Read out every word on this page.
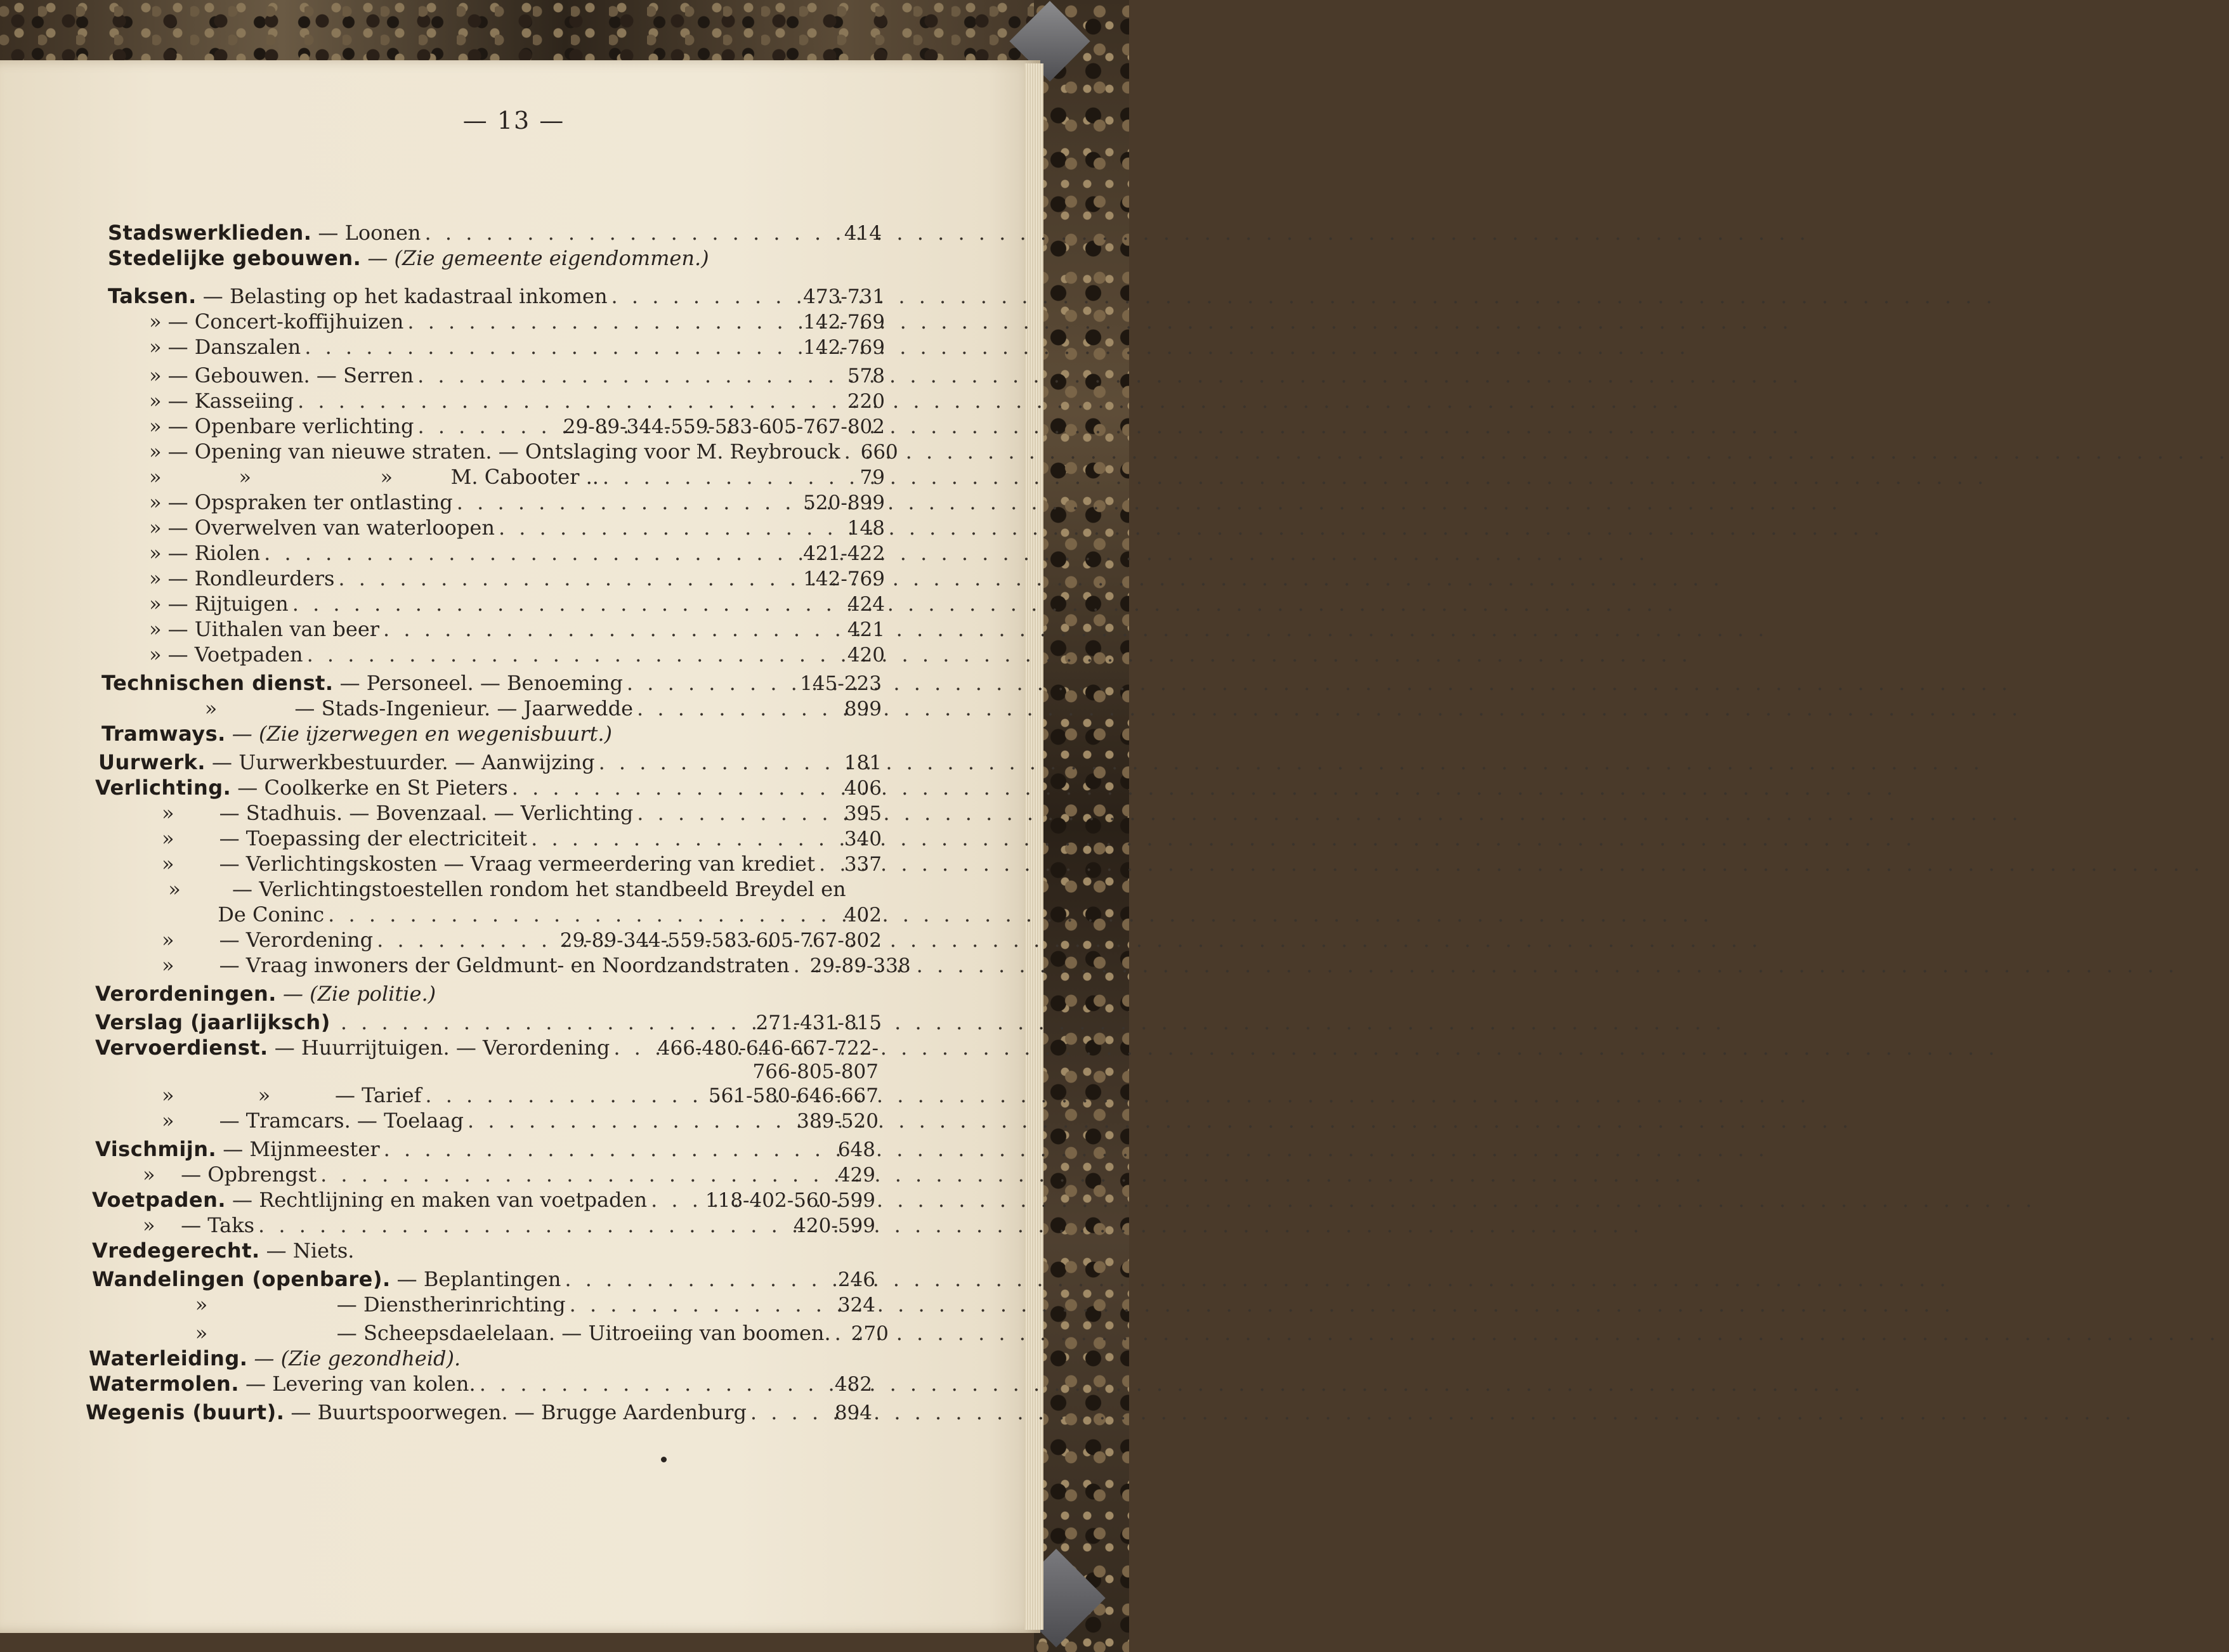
— 13 —
Stadswerklieden. — Loonen . . .	414
Stedelijke gebouwen. — (Zie gemeente eigendommen.)
Taksen. — Belasting op het kadastraal inkomen . . .	473-731
» — Concert-koffijhuizen . . .	142-769
» — Danszalen . . .	142-769
» — Gebouwen. — Serren . . .	578
» — Kasseiing . . .	220
» — Openbare verlichting . . .	29-89-344-559-583-605-767-802
» — Opening van nieuwe straten. — Ontslaging voor M. Reybrouck . . . 660
» »                    »         M. Cabooter .. . . .	79
» — Opspraken ter ontlasting . . .	520-899
» — Overwelven van waterloopen . . .	148
» — Riolen . . .	421-422
» — Rondleurders . . .	142-769
» — Rijtuigen . . .	424
» — Uithalen van beer . . .	421
» — Voetpaden . . .	420
Technischen dienst. — Personeel. — Benoeming . . .	145-223
»            — Stads-Ingenieur. — Jaarwedde . . .	899
Tramways. — (Zie ijzerwegen en wegenisbuurt.)
Uurwerk. — Uurwerkbestuurder. — Aanwijzing . . .	181
Verlichting. — Coolkerke en St Pieters . . .	406
» — Stadhuis. — Bovenzaal. — Verlichting . . .	395
» — Toepassing der electriciteit . . .	340
» — Verlichtingskosten — Vraag vermeerdering van krediet . . . 337
» — Verlichtingstoestellen rondom het standbeeld Breydel en
De Coninc . . .	402
» — Verordening . . .	29-89-344-559-583-605-767-802
» — Vraag inwoners der Geldmunt- en Noordzandstraten . . . 29-89-338
Verordeningen. — (Zie politie.)
Verslag (jaarlijksch) . . .	271-431-815
Vervoerdienst. — Huurrijtuigen. — Verordening . . . 466-480-646-667-722-
766-805-807
» »          — Tarief . . .	561-580-646-667
» — Tramcars. — Toelaag . . .	389-520
Vischmijn. — Mijnmeester . . .	648
» — Opbrengst . . .	429
Voetpaden. — Rechtlijning en maken van voetpaden . . .	118-402-560-599
» — Taks . . .	420-599
Vredegerecht. — Niets.
Wandelingen (openbare). — Beplantingen . . .	246
»                    — Dienstherinrichting . . .	324
»                    — Scheepsdaelelaan. — Uitroeiing van boomen. . . . 270
Waterleiding. — (Zie gezondheid).
Watermolen. — Levering van kolen. . . .	482
Wegenis (buurt). — Buurtspoorwegen. — Brugge Aardenburg . . .	894
